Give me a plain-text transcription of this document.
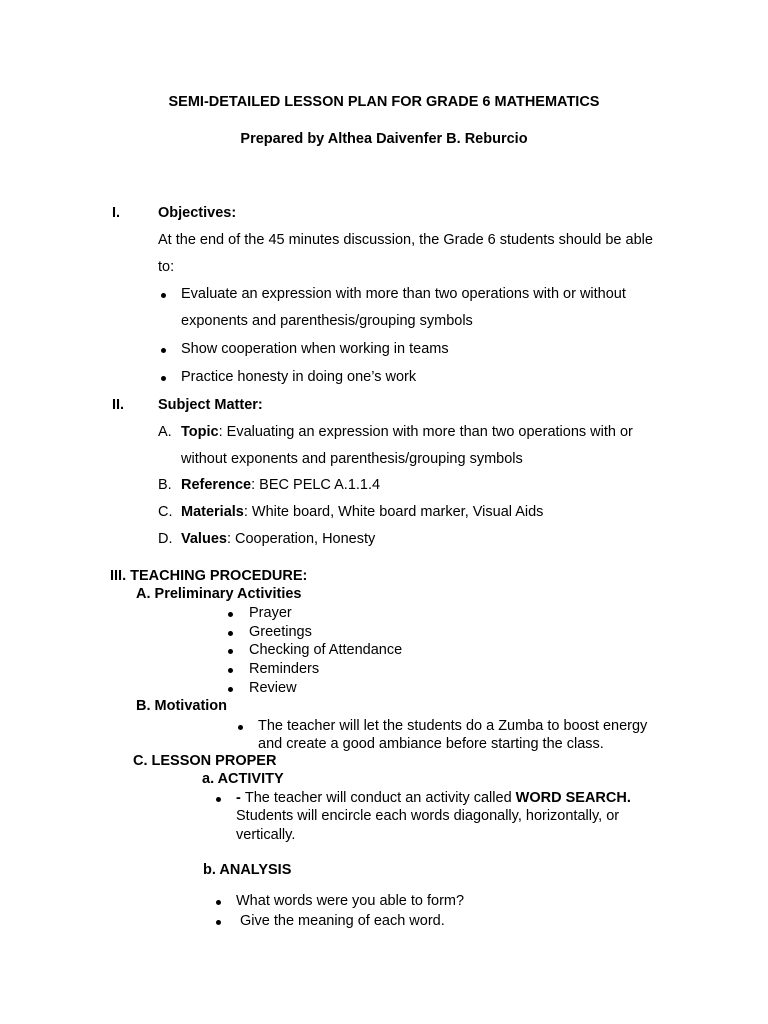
SEMI-DETAILED LESSON PLAN FOR GRADE 6 MATHEMATICS
Prepared by Althea Daivenfer B. Reburcio
I.	Objectives:
At the end of the 45 minutes discussion, the Grade 6 students should be able
to:
Evaluate an expression with more than two operations with or without
exponents and parenthesis/grouping symbols
Show cooperation when working in teams
Practice honesty in doing one’s work
II. Subject Matter:
A. Topic: Evaluating an expression with more than two operations with or
without exponents and parenthesis/grouping symbols
B. Reference: BEC PELC A.1.1.4
C. Materials: White board, White board marker, Visual Aids
D. Values: Cooperation, Honesty
III. TEACHING PROCEDURE:
A. Preliminary Activities
Prayer
Greetings
Checking of Attendance
Reminders
Review
B. Motivation
The teacher will let the students do a Zumba to boost energy
and create a good ambiance before starting the class.
C. LESSON PROPER
a. ACTIVITY
- The teacher will conduct an activity called WORD SEARCH.
Students will encircle each words diagonally, horizontally, or
vertically.
b. ANALYSIS
What words were you able to form?
Give the meaning of each word.
